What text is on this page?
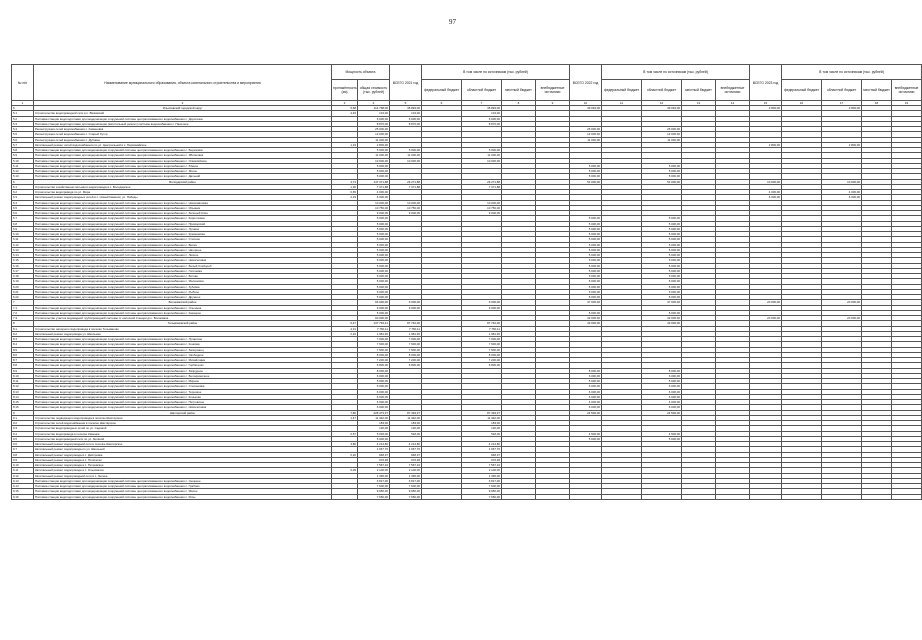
97
№ п/п	Наименование муниципального образования, объекта капитального строительства и мероприятия	Мощность объекта		ВСЕГО 2021 год	В том числе по источникам (тыс. рублей)				ВСЕГО 2022 год	В том числе по источникам (тыс. рублей)				ВСЕГО 2023 год	В том числе по источникам (тыс. рублей)			
		протяжённость (км)	общая стоимость (тыс. рублей)		федеральный бюджет	областной бюджет	местный бюджет	внебюджетные источники		федеральный бюджет	областной бюджет	местный бюджет	внебюджетные источники		федеральный бюджет	областной бюджет	местный бюджет	внебюджетные источники

1	2	3	4	5	6	7	8	9	10	11	12	13	14	15	16	17	18	19
5	Ильичёвский городской округ	5,68	114 798,00	45 894,00		45 894,00			49 094,00		49 094,00			2 800,00		2 800,00		
5.1	Строительство водопроводной сети в п. Вязёмский	4,49	104,00	104,00		104,00												
5.2	Поставка станции водоподготовки для модернизации сооружений системы централизованного водоснабжения с. Дорогинка		6 000,00	6 000,00		6 000,00												
5.3	Поставка станции водоподготовки для модернизации (капитальный ремонт) системы водоснабжения с. Пасечное		8 870,00	8 870,00		8 870,00												
5.4	Реконструкция сетей водоснабжения с. Каменовка		25 000,00						25 000,00		25 000,00							
5.5	Реконструкция сетей водоснабжения с. Старый Хутор		13 000,00						13 000,00		13 000,00							
5.6	Реконструкция сетей водоснабжения с. Дубовое		11 000,00						11 000,00		11 000,00							
5.7	Капитальный ремонт сетей водоснабжения по ул. Центральной в с. Первомайское	1,19	2 800,00											2 800,00		2 800,00		
5.8	Поставка станции водоподготовки для модернизации сооружений системы централизованного водоснабжения с. Березовка		5 000,00	5 000,00		5 000,00												
5.9	Поставка станции водоподготовки для модернизации сооружений системы централизованного водоснабжения с. Яблоновка		11 000,00	11 000,00		11 000,00												
5.10	Поставка станции водоподготовки для модернизации сооружений системы централизованного водоснабжения с. Олимпийское		10 000,00	10 000,00		10 000,00												
5.11	Поставка станции водоподготовки для модернизации сооружений системы централизованного водоснабжения с. Южное		5 000,00						5 000,00		5 000,00							
5.12	Поставка станции водоподготовки для модернизации сооружений системы централизованного водоснабжения с. Ясное		5 000,00						5 000,00		5 000,00							
5.13	Поставка станции водоподготовки для модернизации сооружений системы централизованного водоснабжения с. Дальний		5 000,00						5 000,00		5 000,00							
6	Володарский район	4,74	147 371,88	26 271,88		26 271,88			51 000,00		51 000,00			10 000,00		10 000,00		
6.1	Строительство хозяйственно-питьевого водопровода в с. Володарское	1,90	7 371,88	7 371,88		7 371,88												
6.2	Строительство водопровода по ул. Мира	0,65	4 000,00											4 000,00		4 000,00		
6.3	Капитальный ремонт водопроводных сетей в с. Новый Каменск, ул. Победы	2,19	6 000,00											6 000,00		6 000,00		
6.4	Поставка станции водоподготовки для модернизации сооружений системы централизованного водоснабжения с. Новопавловка		10 000,00	10 000,00		10 000,00												
6.5	Поставка станции водоподготовки для модернизации сооружений системы централизованного водоснабжения с. Ильинка		10 750,00	10 750,00		10 750,00												
6.6	Поставка станции водоподготовки для модернизации сооружений системы централизованного водоснабжения с. Зеленый Клин		9 000,00	9 000,00		9 000,00												
6.7	Поставка станции водоподготовки для модернизации сооружений системы централизованного водоснабжения с. Кирилловка		5 000,00						5 000,00		5 000,00							
6.8	Поставка станции водоподготовки для модернизации сооружений системы централизованного водоснабжения с. Приморский		5 000,00						5 000,00		5 000,00							
6.9	Поставка станции водоподготовки для модернизации сооружений системы централизованного водоснабжения с. Луговое		5 000,00						5 000,00		5 000,00							
6.10	Поставка станции водоподготовки для модернизации сооружений системы централизованного водоснабжения с. Кременевка		5 000,00						5 000,00		5 000,00							
6.11	Поставка станции водоподготовки для модернизации сооружений системы централизованного водоснабжения с. Степное		5 000,00						5 000,00		5 000,00							
6.12	Поставка станции водоподготовки для модернизации сооружений системы централизованного водоснабжения с. Весна		5 000,00						5 000,00		5 000,00							
6.13	Поставка станции водоподготовки для модернизации сооружений системы централизованного водоснабжения с. Нагорное		5 000,00						5 000,00		5 000,00							
6.14	Поставка станции водоподготовки для модернизации сооружений системы централизованного водоснабжения с. Лесное		5 000,00						5 000,00		5 000,00							
6.15	Поставка станции водоподготовки для модернизации сооружений системы централизованного водоснабжения с. Новоселовка		5 000,00						5 000,00		5 000,00							
6.16	Поставка станции водоподготовки для модернизации сооружений системы централизованного водоснабжения с. Белый Хлебороб		5 000,00						5 000,00		5 000,00							
6.17	Поставка станции водоподготовки для модернизации сооружений системы централизованного водоснабжения с. Гоголевка		5 000,00						5 000,00		5 000,00							
6.18	Поставка станции водоподготовки для модернизации сооружений системы централизованного водоснабжения с. Ботево		5 000,00						5 000,00		5 000,00							
6.19	Поставка станции водоподготовки для модернизации сооружений системы централизованного водоснабжения с. Малиновка		5 000,00						5 000,00		5 000,00							
6.20	Поставка станции водоподготовки для модернизации сооружений системы централизованного водоснабжения с. Зубовка		5 000,00						5 000,00		5 000,00							
6.21	Поставка станции водоподготовки для модернизации сооружений системы централизованного водоснабжения с. Рыбное		5 000,00						5 000,00		5 000,00							
6.22	Поставка станции водоподготовки для модернизации сооружений системы централизованного водоснабжения с. Дружное		5 000,00						5 000,00		5 000,00							
7	Волновахский район		66 000,00	6 000,00		6 000,00			47 000,00		47 000,00			20 000,00		20 000,00		
7.1	Поставка станции водоподготовки для модернизации сооружений системы централизованного водоснабжения с. Ольгинка		6 000,00	6 000,00		6 000,00												
7.2	Поставка станции водоподготовки для модернизации сооружений системы централизованного водоснабжения с. Казацкое		5 000,00						5 000,00		5 000,00							
7.3	Строительство участка водоводной трубопроводной системы от насосной станции до г. Волноваха		60 000,00						42 000,00		42 000,00			20 000,00		20 000,00		
8	Тельмановский район	6,47	137 793,41	87 740,00		87 740,00			43 000,00		43 000,00							
8.1	Строительство напорного водопровода в поселке Тельманово	4,31	7 760,11	7 760,11		7 760,11												
8.2	Капитальный ремонт водопровода ул. Школьная	2,16	1 981,30	1 981,30		1 981,30												
8.3	Поставка станции водоподготовки для модернизации сооружений системы централизованного водоснабжения с. Луганское		7 000,00	7 000,00		7 000,00												
8.4	Поставка станции водоподготовки для модернизации сооружений системы централизованного водоснабжения с. Конкова		7 600,00	7 600,00		7 600,00												
8.5	Поставка станции водоподготовки для модернизации сооружений системы централизованного водоснабжения с. Запорожец		7 500,00	7 500,00		7 500,00												
8.6	Поставка станции водоподготовки для модернизации сооружений системы централизованного водоснабжения с. Свободное		8 000,00	8 000,00		8 000,00												
8.7	Поставка станции водоподготовки для модернизации сооружений системы централизованного водоснабжения с. Михайловка		7 200,00	7 200,00		7 200,00												
8.8	Поставка станции водоподготовки для модернизации сооружений системы централизованного водоснабжения с. Горбатенко		6 800,00	6 800,00		6 800,00												
8.9	Поставка станции водоподготовки для модернизации сооружений системы централизованного водоснабжения с. Запрудное		8 000,00						8 000,00		8 000,00							
8.10	Поставка станции водоподготовки для модернизации сооружений системы централизованного водоснабжения с. Белокриничное		6 000,00						6 000,00		6 000,00							
8.11	Поставка станции водоподготовки для модернизации сооружений системы централизованного водоснабжения с. Мирное		5 000,00						5 000,00		5 000,00							
8.12	Поставка станции водоподготовки для модернизации сооружений системы централизованного водоснабжения с. Степановка		6 000,00						6 000,00		6 000,00							
8.13	Поставка станции водоподготовки для модернизации сооружений системы централизованного водоснабжения с. Терновое		6 000,00						6 000,00		6 000,00							
8.14	Поставка станции водоподготовки для модернизации сооружений системы централизованного водоснабжения с. Коньково		6 000,00						6 000,00		6 000,00							
8.15	Поставка станции водоподготовки для модернизации сооружений системы централизованного водоснабжения с. Петровское		6 000,00						6 000,00		6 000,00							
8.16	Поставка станции водоподготовки для модернизации сооружений системы централизованного водоснабжения с. Новоселовка		6 000,00						6 000,00		6 000,00							
9	Шахтёрский район	7,80	228 473,37	87 493,37		87 493,37			24 500,00		24 500,00							
9.1	Строительство подводящего водопровода в поселке Шахтёрское	1,47	11 340,00	11 340,00		11 340,00												
9.2	Строительство сетей водоснабжения в поселке Шахтёрское		183,00	183,00		183,00												
9.3	Строительство водопроводных сетей по ул. Садовой		120,00	120,00		120,00												
9.4	Строительство водопровода в поселке Каменка	0,57	5 018,00	518,00		518,00			4 500,00		4 500,00							
9.5	Строительство водопроводной сети по ул. Зелёной		5 000,00						5 000,00		5 000,00							
9.6	Капитальный ремонт водопроводной сети в поселке Шахтёрское	3,86	4 214,80	4 214,80		4 214,80												
9.7	Капитальный ремонт водопровода по ул. Школьной		1 667,76	1 667,76		1 667,76												
9.8	Капитальный ремонт водопровода в с. Дмитровка	0,20	948,37	948,37		948,37												
9.9	Капитальный ремонт водопровода в с. Пятихатки		976,28	976,28		976,28												
9.10	Капитальный ремонт водопровода в с. Петровское		7 567,16	7 567,16		7 567,16												
9.11	Капитальный ремонт водопровода в с. Ольховатка	0,09	2 100,00	2 100,00		2 100,00												
9.12	Капитальный ремонт водопроводной сети в с. Лесное		1 395,00	1 395,00		1 395,00												
9.13	Поставка станции водоподготовки для модернизации сооружений системы централизованного водоснабжения с. Снежное		6 817,00	6 817,00		6 817,00												
9.14	Поставка станции водоподготовки для модернизации сооружений системы централизованного водоснабжения с. Грабово		7 600,00	7 600,00		7 600,00												
9.15	Поставка станции водоподготовки для модернизации сооружений системы централизованного водоснабжения с. Малое		9 950,00	9 950,00		9 950,00												
9.16	Поставка станции водоподготовки для модернизации сооружений системы централизованного водоснабжения с. Розы		7 650,00	7 650,00		7 650,00												
